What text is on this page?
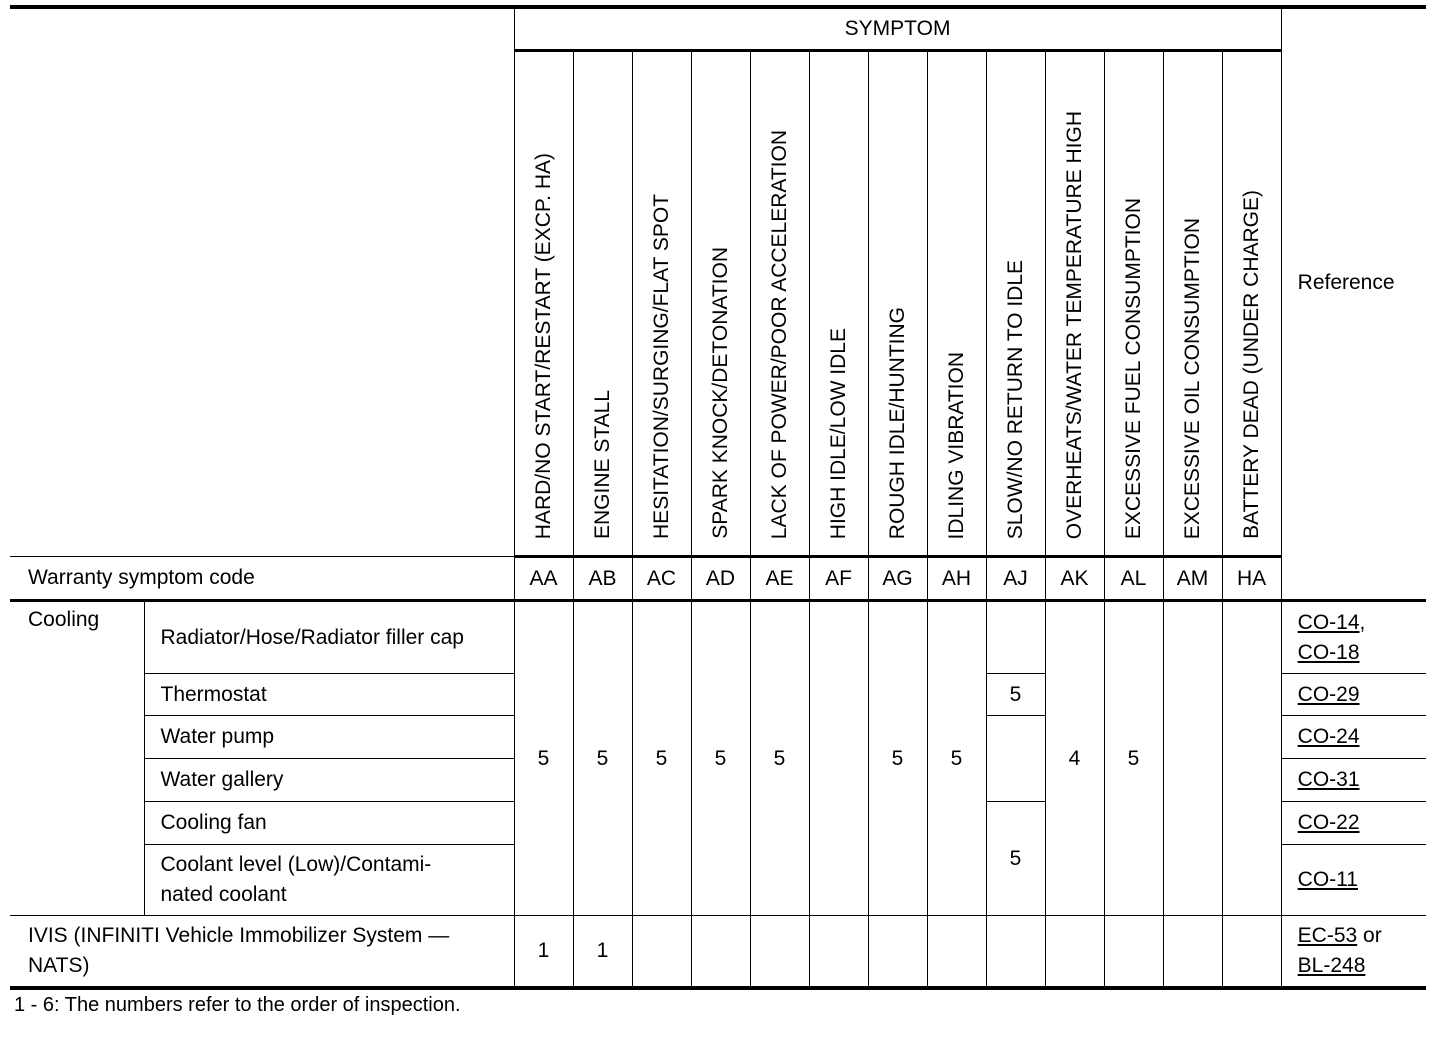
		SYMPTOM													Reference

		HARD/NO START/RESTART (EXCP. HA)	ENGINE STALL	HESITATION/SURGING/FLAT SPOT	SPARK KNOCK/DETONATION	LACK OF POWER/POOR ACCELERATION	HIGH IDLE/LOW IDLE	ROUGH IDLE/HUNTING	IDLING VIBRATION	SLOW/NO RETURN TO IDLE	OVERHEATS/WATER TEMPERATURE HIGH	EXCESSIVE FUEL CONSUMPTION	EXCESSIVE OIL CONSUMPTION	BATTERY DEAD (UNDER CHARGE)	

Warranty symptom code		AA	AB	AC	AD	AE	AF	AG	AH	AJ	AK	AL	AM	HA	
Cooling	Radiator/Hose/Radiator filler cap	5	5	5	5	5		5	5		4	5			CO-14,
CO-18
	Thermostat									5					CO-29
	Water pump														CO-24
	Water gallery														CO-31
	Cooling fan									5					CO-22
	Coolant level (Low)/Contami-
nated coolant														CO-11
IVIS (INFINITI Vehicle Immobilizer System —
NATS)		1	1												EC-53 or
BL-248
1 - 6: The numbers refer to the order of inspection.
